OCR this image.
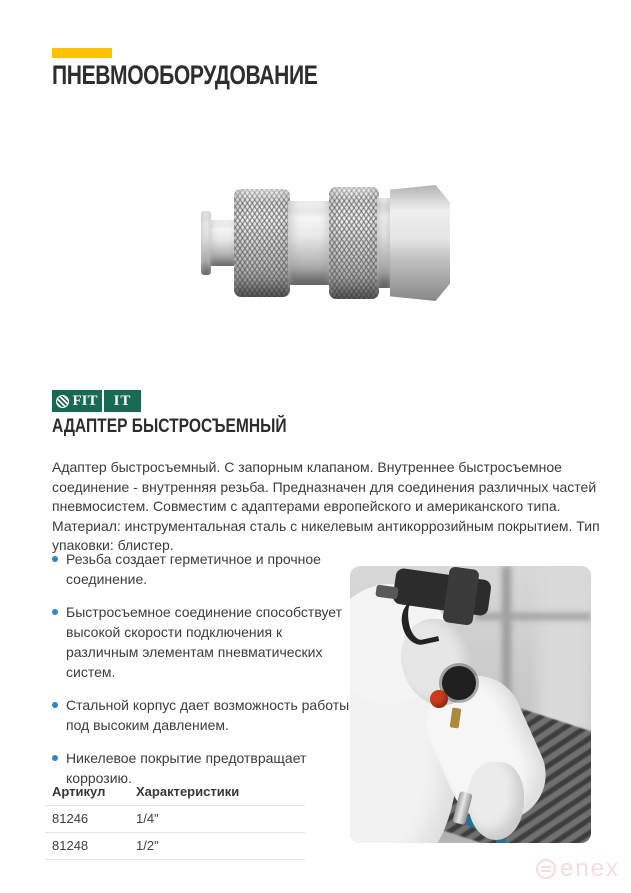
ПНЕВМООБОРУДОВАНИЕ
FIT IT
АДАПТЕР БЫСТРОСЪЕМНЫЙ

Адаптер быстросъемный. С запорным клапаном. Внутреннее быстросъемное соединение - внутренняя резьба. Предназначен для соединения различных частей пневмосистем. Совместим с адаптерами европейского и американского типа. Материал: инструментальная сталь с никелевым антикоррозийным покрытием. Тип упаковки: блистер.

Резьба создает герметичное и прочное соединение.
Быстросъемное соединение способствует высокой скорости подключения к различным элементам пневматических систем.
Стальной корпус дает возможность работы под высоким давлением.
Никелевое покрытие предотвращает коррозию.
Артикул	Характеристики
81246	1/4"
81248	1/2"
enex
